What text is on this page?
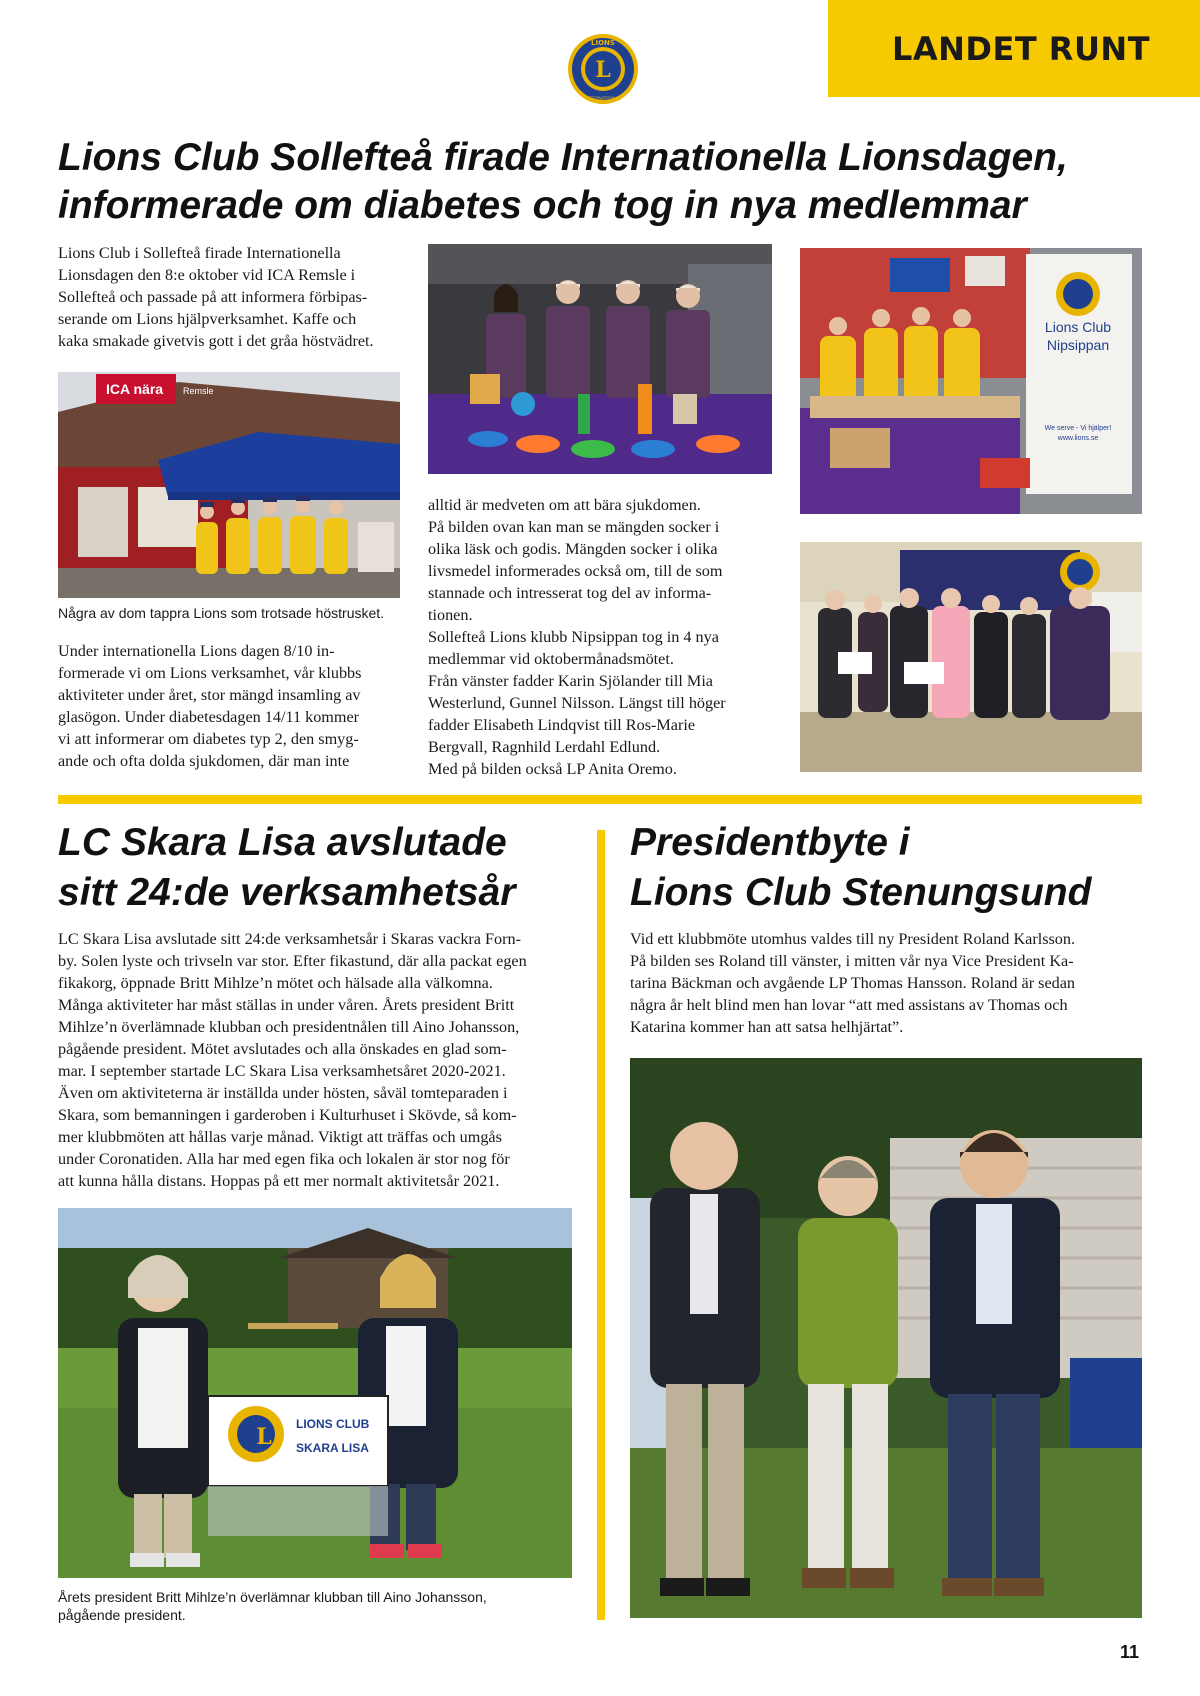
LANDET RUNT
L
LIONS
INTERNATIONAL
Lions Club Sollefteå firade Internationella Lionsdagen,
informerade om diabetes och tog in nya medlemmar
Lions Club i Sollefteå firade Internationella
Lionsdagen den 8:e oktober vid ICA Remsle i
Sollefteå och passade på att informera förbipas-
serande om Lions hjälpverksamhet. Kaffe och
kaka smakade givetvis gott i det gråa höstvädret.
ICA nära Remsle
Några av dom tappra Lions som trotsade höstrusket.
Under internationella Lions dagen 8/10 in-
formerade vi om Lions verksamhet, vår klubbs
aktiviteter under året, stor mängd insamling av
glasögon. Under diabetesdagen 14/11 kommer
vi att informerar om diabetes typ 2, den smyg-
ande och ofta dolda sjukdomen, där man inte
alltid är medveten om att bära sjukdomen.
På bilden ovan kan man se mängden socker i
olika läsk och godis. Mängden socker i olika
livsmedel informerades också om, till de som
stannade och intresserat tog del av informa-
tionen.
Sollefteå Lions klubb Nipsippan tog in 4 nya
medlemmar vid oktobermånadsmötet.
Från vänster fadder Karin Sjölander till Mia
Westerlund, Gunnel Nilsson. Längst till höger
fadder Elisabeth Lindqvist till Ros-Marie
Bergvall, Ragnhild Lerdahl Edlund.
Med på bilden också LP Anita Oremo.
Lions Club
Nipsippan
We serve - Vi hjälper!
www.lions.se
LC Skara Lisa avslutade
sitt 24:de verksamhetsår
LC Skara Lisa avslutade sitt 24:de verksamhetsår i Skaras vackra Forn-
by. Solen lyste och trivseln var stor. Efter fikastund, där alla packat egen
fikakorg, öppnade Britt Mihlze’n mötet och hälsade alla välkomna.
Många aktiviteter har måst ställas in under våren. Årets president Britt
Mihlze’n överlämnade klubban och presidentnålen till Aino Johansson,
pågående president. Mötet avslutades och alla önskades en glad som-
mar. I september startade LC Skara Lisa verksamhetsåret 2020-2021.
Även om aktiviteterna är inställda under hösten, såväl tomteparaden i
Skara, som bemanningen i garderoben i Kulturhuset i Skövde, så kom-
mer klubbmöten att hållas varje månad. Viktigt att träffas och umgås
under Coronatiden. Alla har med egen fika och lokalen är stor nog för
att kunna hålla distans. Hoppas på ett mer normalt aktivitetsår 2021.
L LIONS CLUB
SKARA LISA
Årets president Britt Mihlze’n överlämnar klubban till Aino Johansson,
pågående president.
Presidentbyte i
Lions Club Stenungsund
Vid ett klubbmöte utomhus valdes till ny President Roland Karlsson.
På bilden ses Roland till vänster, i mitten vår nya Vice President Ka-
tarina Bäckman och avgående LP Thomas Hansson. Roland är sedan
några år helt blind men han lovar “att med assistans av Thomas och
Katarina kommer han att satsa helhjärtat”.
11
